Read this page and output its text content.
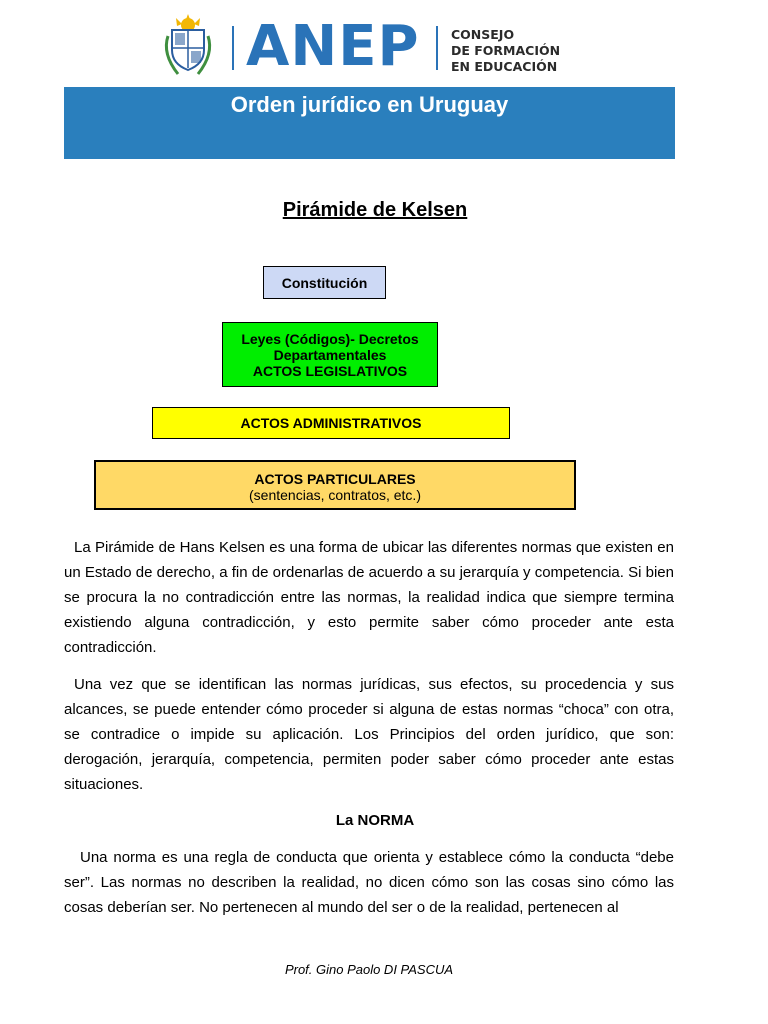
ANEP	CONSEJO
DE FORMACIÓN
EN EDUCACIÓN
Orden jurídico en Uruguay
Pirámide de Kelsen
Constitución
Leyes (Códigos)- Decretos
Departamentales
ACTOS LEGISLATIVOS
ACTOS ADMINISTRATIVOS
ACTOS PARTICULARES
(sentencias, contratos, etc.)
La Pirámide de Hans Kelsen es una forma de ubicar las diferentes normas que existen en un Estado de derecho, a fin de ordenarlas de acuerdo a su jerarquía y competencia. Si bien se procura la no contradicción entre las normas, la realidad indica que siempre termina existiendo alguna contradicción, y esto permite saber cómo proceder ante esta contradicción.
Una vez que se identifican las normas jurídicas, sus efectos, su procedencia y sus alcances, se puede entender cómo proceder si alguna de estas normas “choca” con otra, se contradice o impide su aplicación. Los Principios del orden jurídico, que son: derogación, jerarquía, competencia, permiten poder saber cómo proceder ante estas situaciones.
La NORMA
Una norma es una regla de conducta que orienta y establece cómo la conducta “debe ser”. Las normas no describen la realidad, no dicen cómo son las cosas sino cómo las cosas deberían ser. No pertenecen al mundo del ser o de la realidad, pertenecen al
Prof. Gino Paolo DI PASCUA
